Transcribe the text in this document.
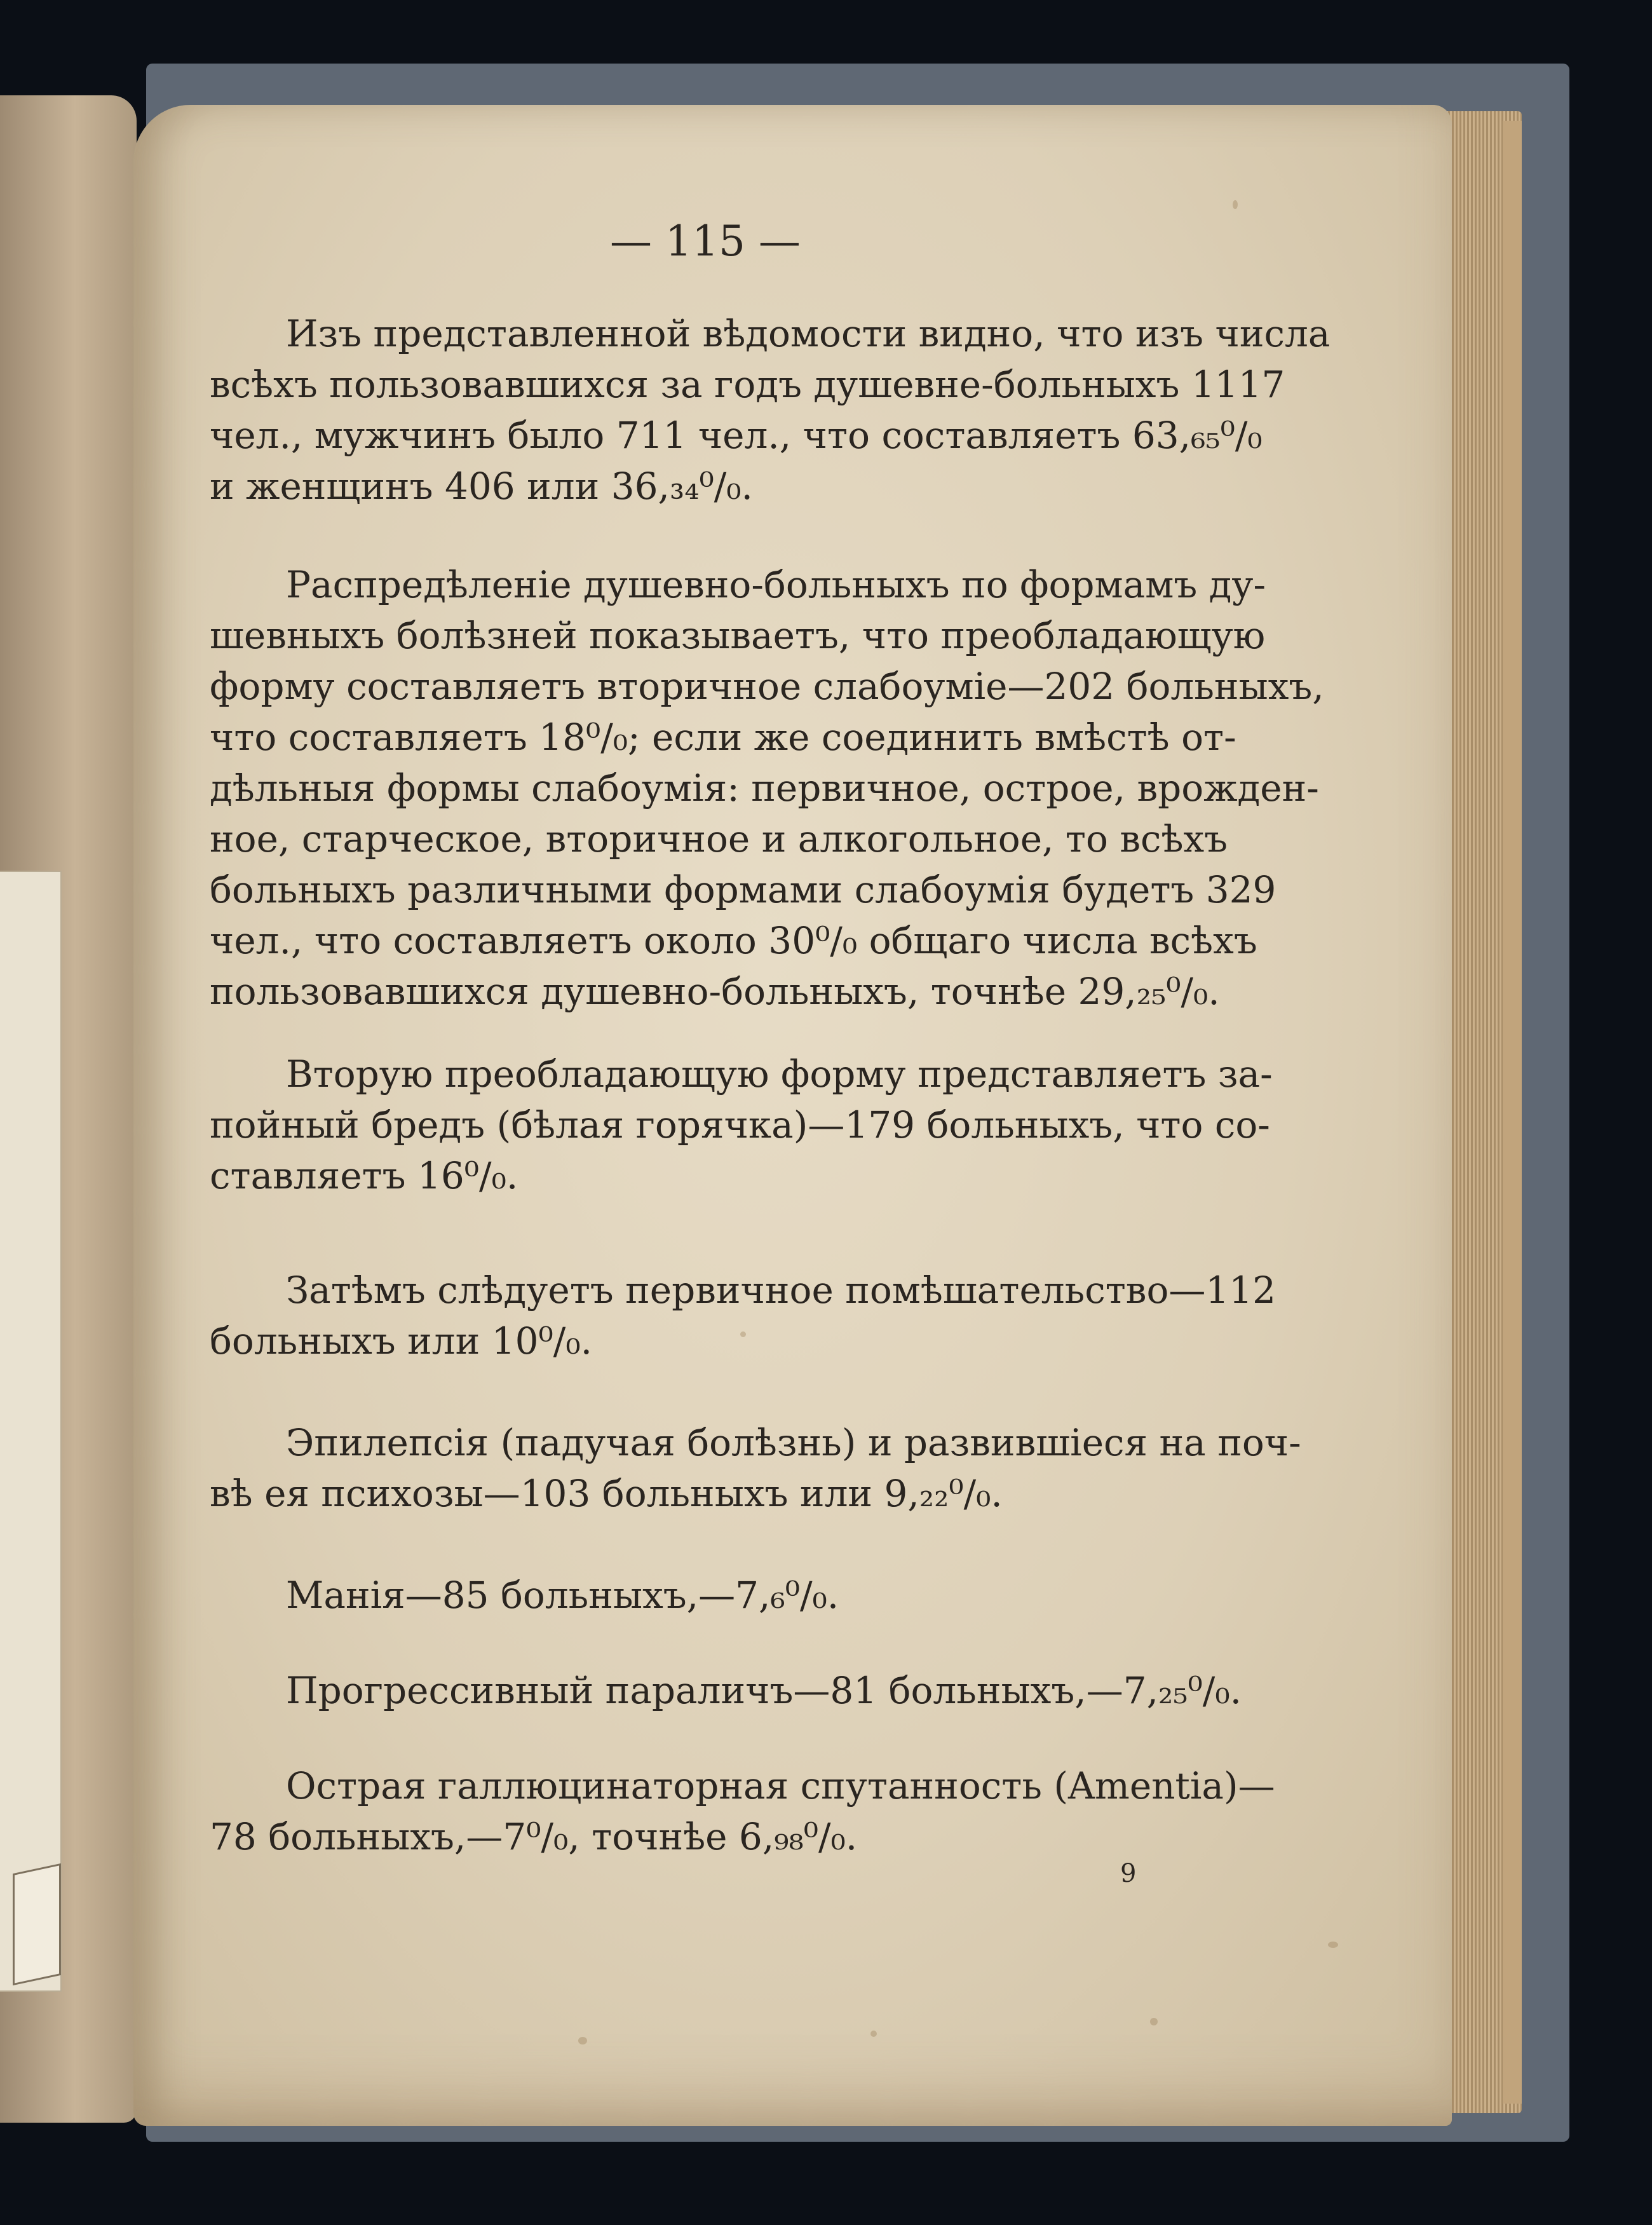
— 115 —
Изъ представленной вѣдомости видно, что изъ числа
всѣхъ пользовавшихся за годъ душевне-больныхъ 1117
чел., мужчинъ было 711 чел., что составляетъ 63,₆₅⁰/₀
и женщинъ 406 или 36,₃₄⁰/₀.
Распредѣленіе душевно-больныхъ по формамъ ду-
шевныхъ болѣзней показываетъ, что преобладающую
форму составляетъ вторичное слабоуміе—202 больныхъ,
что составляетъ 18⁰/₀; если же соединить вмѣстѣ от-
дѣльныя формы слабоумія: первичное, острое, врожден-
ное, старческое, вторичное и алкогольное, то всѣхъ
больныхъ различными формами слабоумія будетъ 329
чел., что составляетъ около 30⁰/₀ общаго числа всѣхъ
пользовавшихся душевно-больныхъ, точнѣе 29,₂₅⁰/₀.
Вторую преобладающую форму представляетъ за-
пойный бредъ (бѣлая горячка)—179 больныхъ, что со-
ставляетъ 16⁰/₀.
Затѣмъ слѣдуетъ первичное помѣшательство—112
больныхъ или 10⁰/₀.
Эпилепсія (падучая болѣзнь) и развившіеся на поч-
вѣ ея психозы—103 больныхъ или 9,₂₂⁰/₀.
Манія—85 больныхъ,—7,₆⁰/₀.
Прогрессивный параличъ—81 больныхъ,—7,₂₅⁰/₀.
Острая галлюцинаторная спутанность (Amentia)—
78 больныхъ,—7⁰/₀, точнѣе 6,₉₈⁰/₀.
9
